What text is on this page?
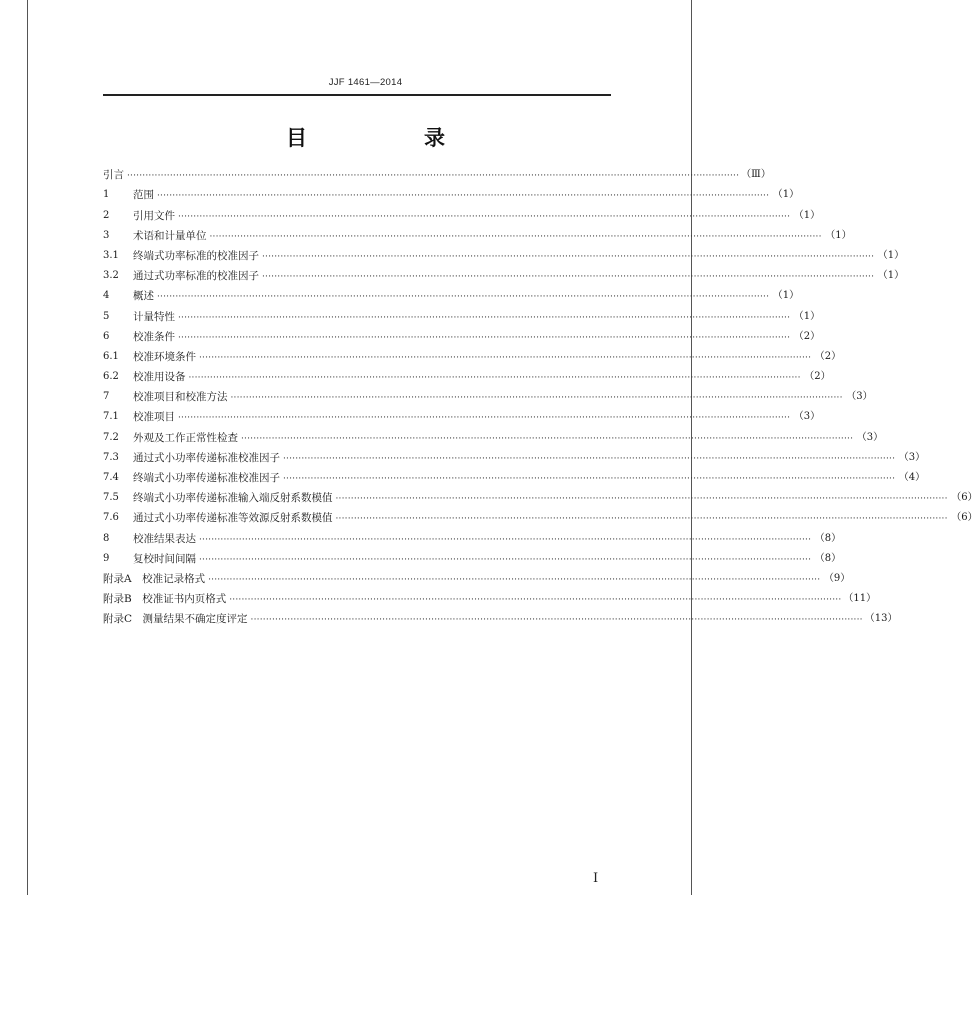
JJF 1461—2014
目　录
引言 ········································································································································································································ （Ⅲ）
1	范围 ········································································································································································································ （1）
2	引用文件 ········································································································································································································ （1）
3	术语和计量单位 ········································································································································································································ （1）
3.1	终端式功率标准的校准因子 ········································································································································································································ （1）
3.2	通过式功率标准的校准因子 ········································································································································································································ （1）
4	概述 ········································································································································································································ （1）
5	计量特性 ········································································································································································································ （1）
6	校准条件 ········································································································································································································ （2）
6.1	校准环境条件 ········································································································································································································ （2）
6.2	校准用设备 ········································································································································································································ （2）
7	校准项目和校准方法 ········································································································································································································ （3）
7.1	校准项目 ········································································································································································································ （3）
7.2	外观及工作正常性检查 ········································································································································································································ （3）
7.3	通过式小功率传递标准校准因子 ········································································································································································································ （3）
7.4	终端式小功率传递标准校准因子 ········································································································································································································ （4）
7.5	终端式小功率传递标准输入端反射系数模值 ········································································································································································································ （6）
7.6	通过式小功率传递标准等效源反射系数模值 ········································································································································································································ （6）
8	校准结果表达 ········································································································································································································ （8）
9	复校时间间隔 ········································································································································································································ （8）
附录A　校准记录格式 ········································································································································································································ （9）
附录B　校准证书内页格式 ········································································································································································································ （11）
附录C　测量结果不确定度评定 ········································································································································································································ （13）
I
